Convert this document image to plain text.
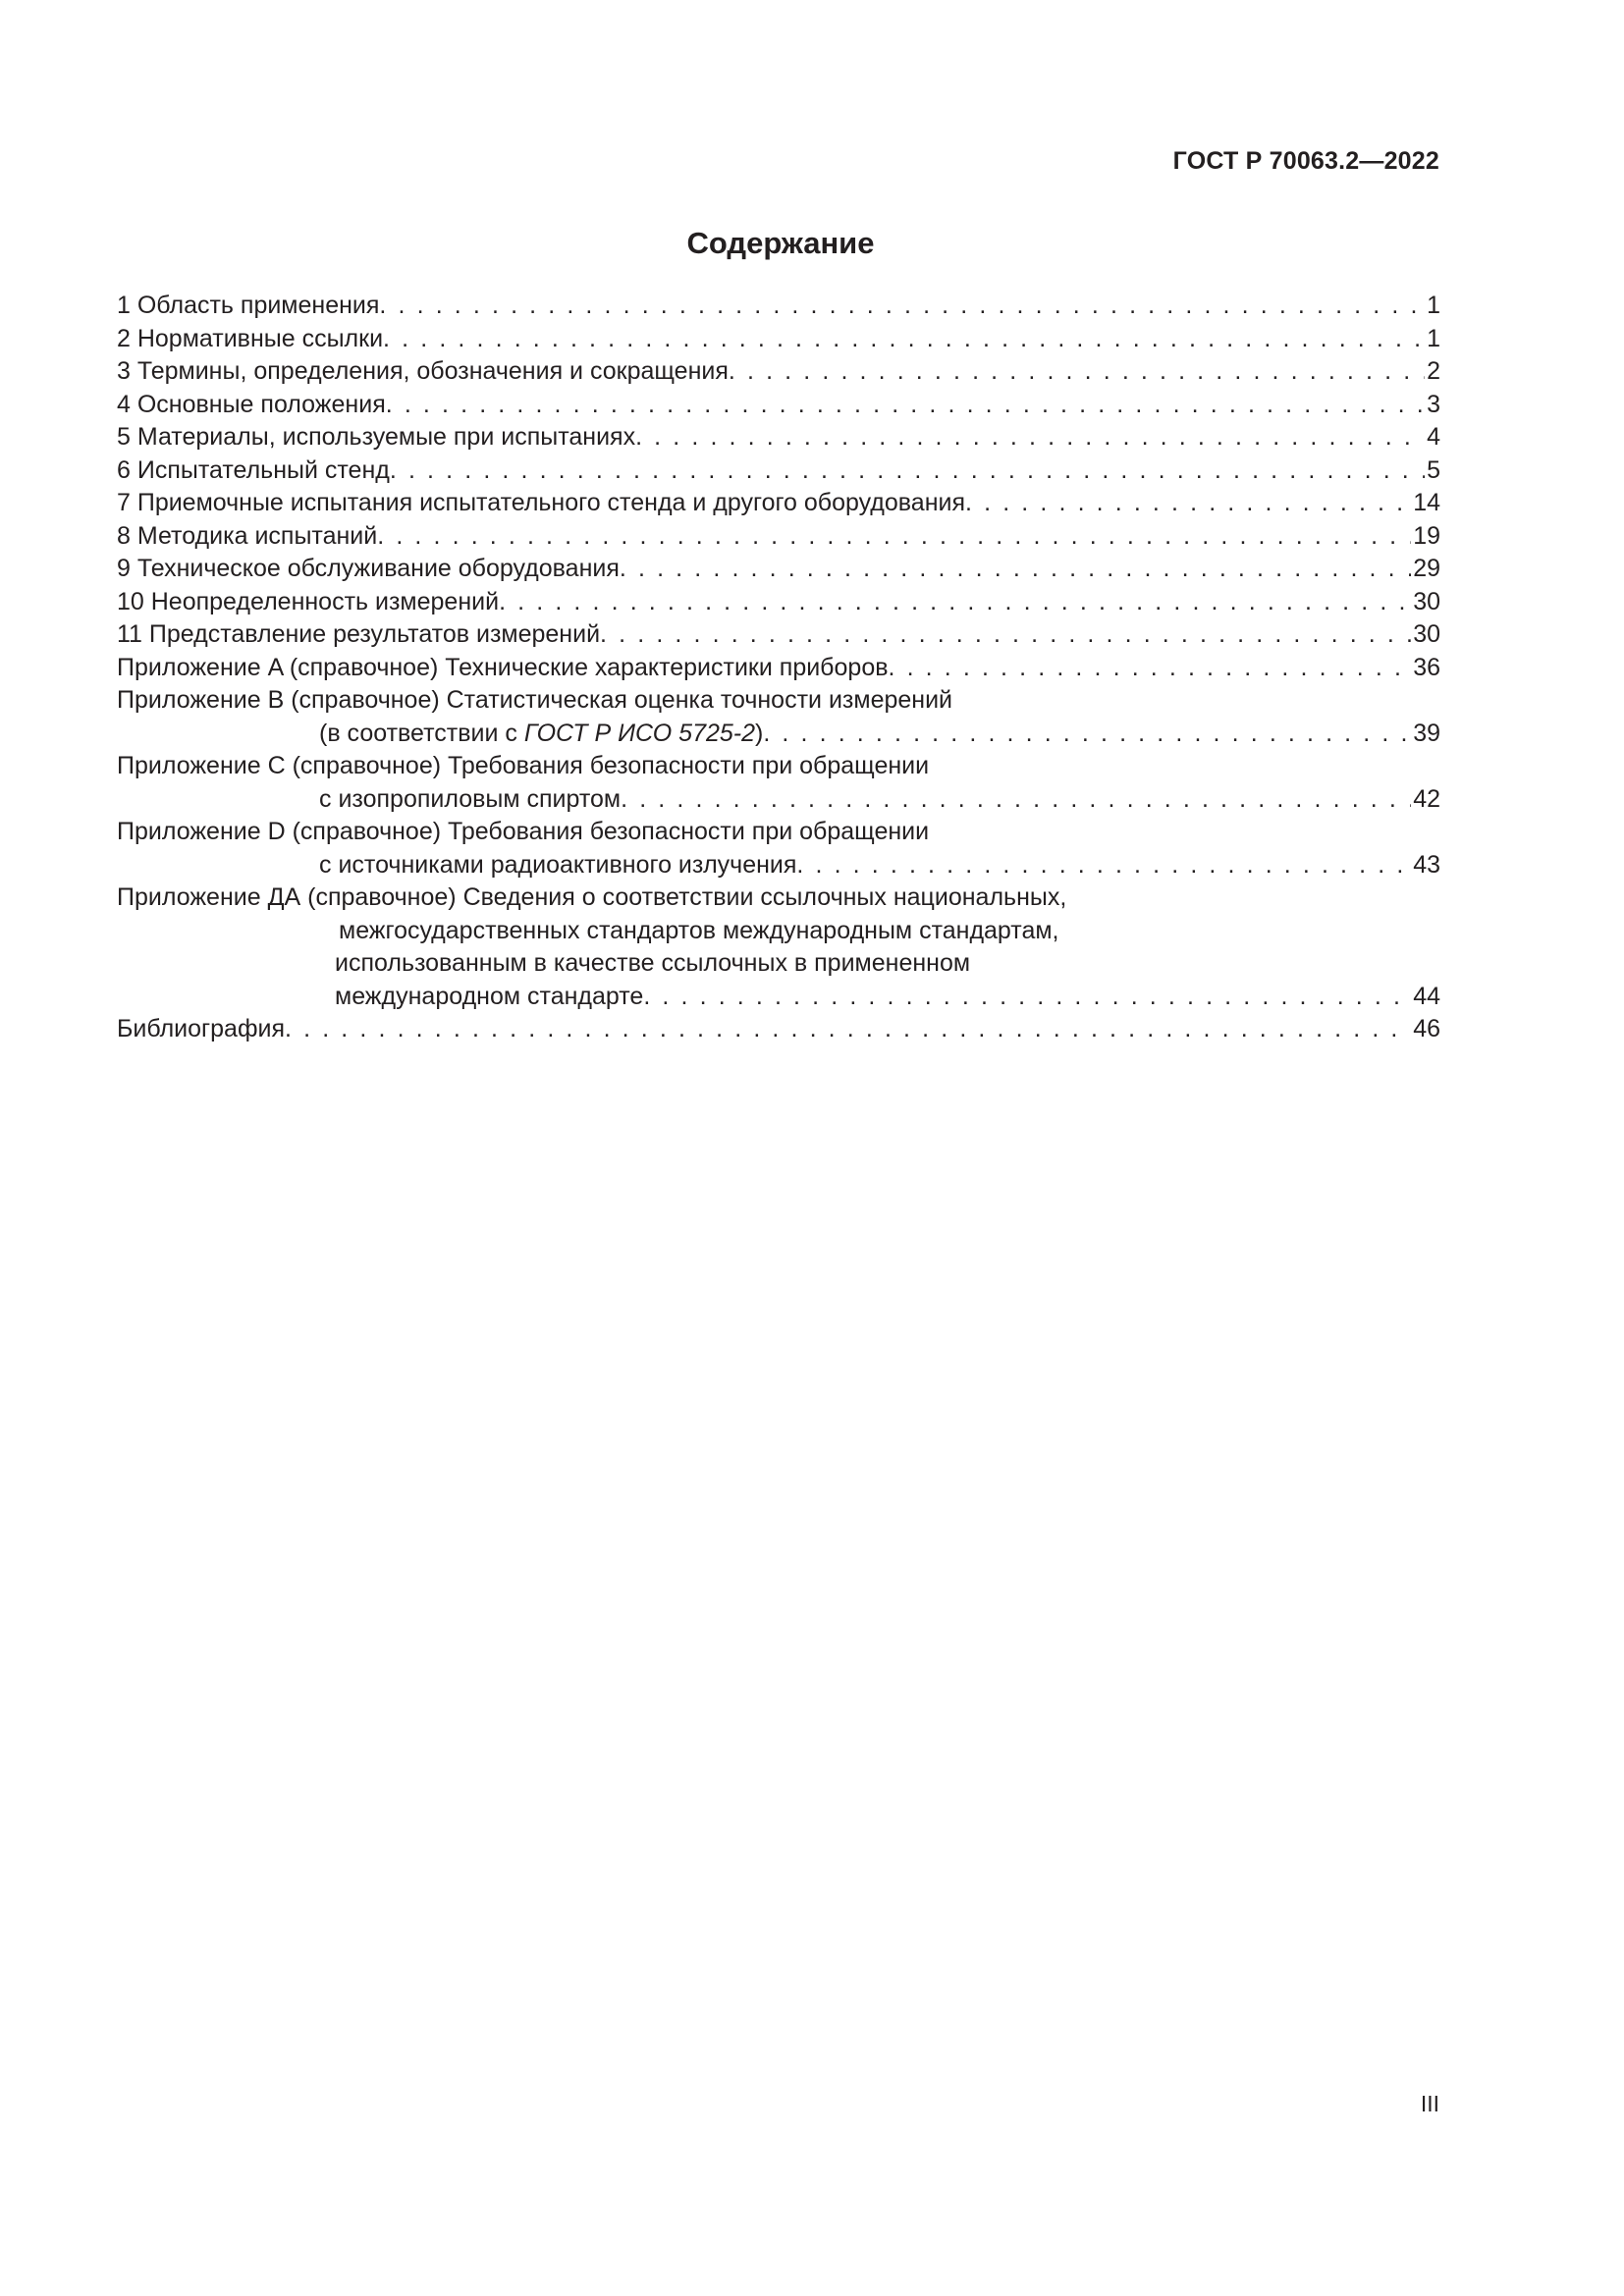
ГОСТ Р 70063.2—2022
Содержание
1 Область применения . . .	1
2 Нормативные ссылки . . .	1
3 Термины, определения, обозначения и сокращения . . .	2
4 Основные положения . . .	3
5 Материалы, используемые при испытаниях . . .	4
6 Испытательный стенд . . .	5
7 Приемочные испытания испытательного стенда и другого оборудования . . .	14
8 Методика испытаний . . .	19
9 Техническое обслуживание оборудования . . .	29
10 Неопределенность измерений . . .	30
11 Представление результатов измерений . . .	30
Приложение A (справочное) Технические характеристики приборов . . .	36
Приложение B (справочное) Статистическая оценка точности измерений
(в соответствии с ГОСТ Р ИСО 5725-2) . . .	39
Приложение C (справочное) Требования безопасности при обращении
с изопропиловым спиртом . . .	42
Приложение D (справочное) Требования безопасности при обращении
с источниками радиоактивного излучения . . .	43
Приложение ДА (справочное) Сведения о соответствии ссылочных национальных,
межгосударственных стандартов международным стандартам,
использованным в качестве ссылочных в примененном
международном стандарте . . .	44
Библиография . . .	46
III
